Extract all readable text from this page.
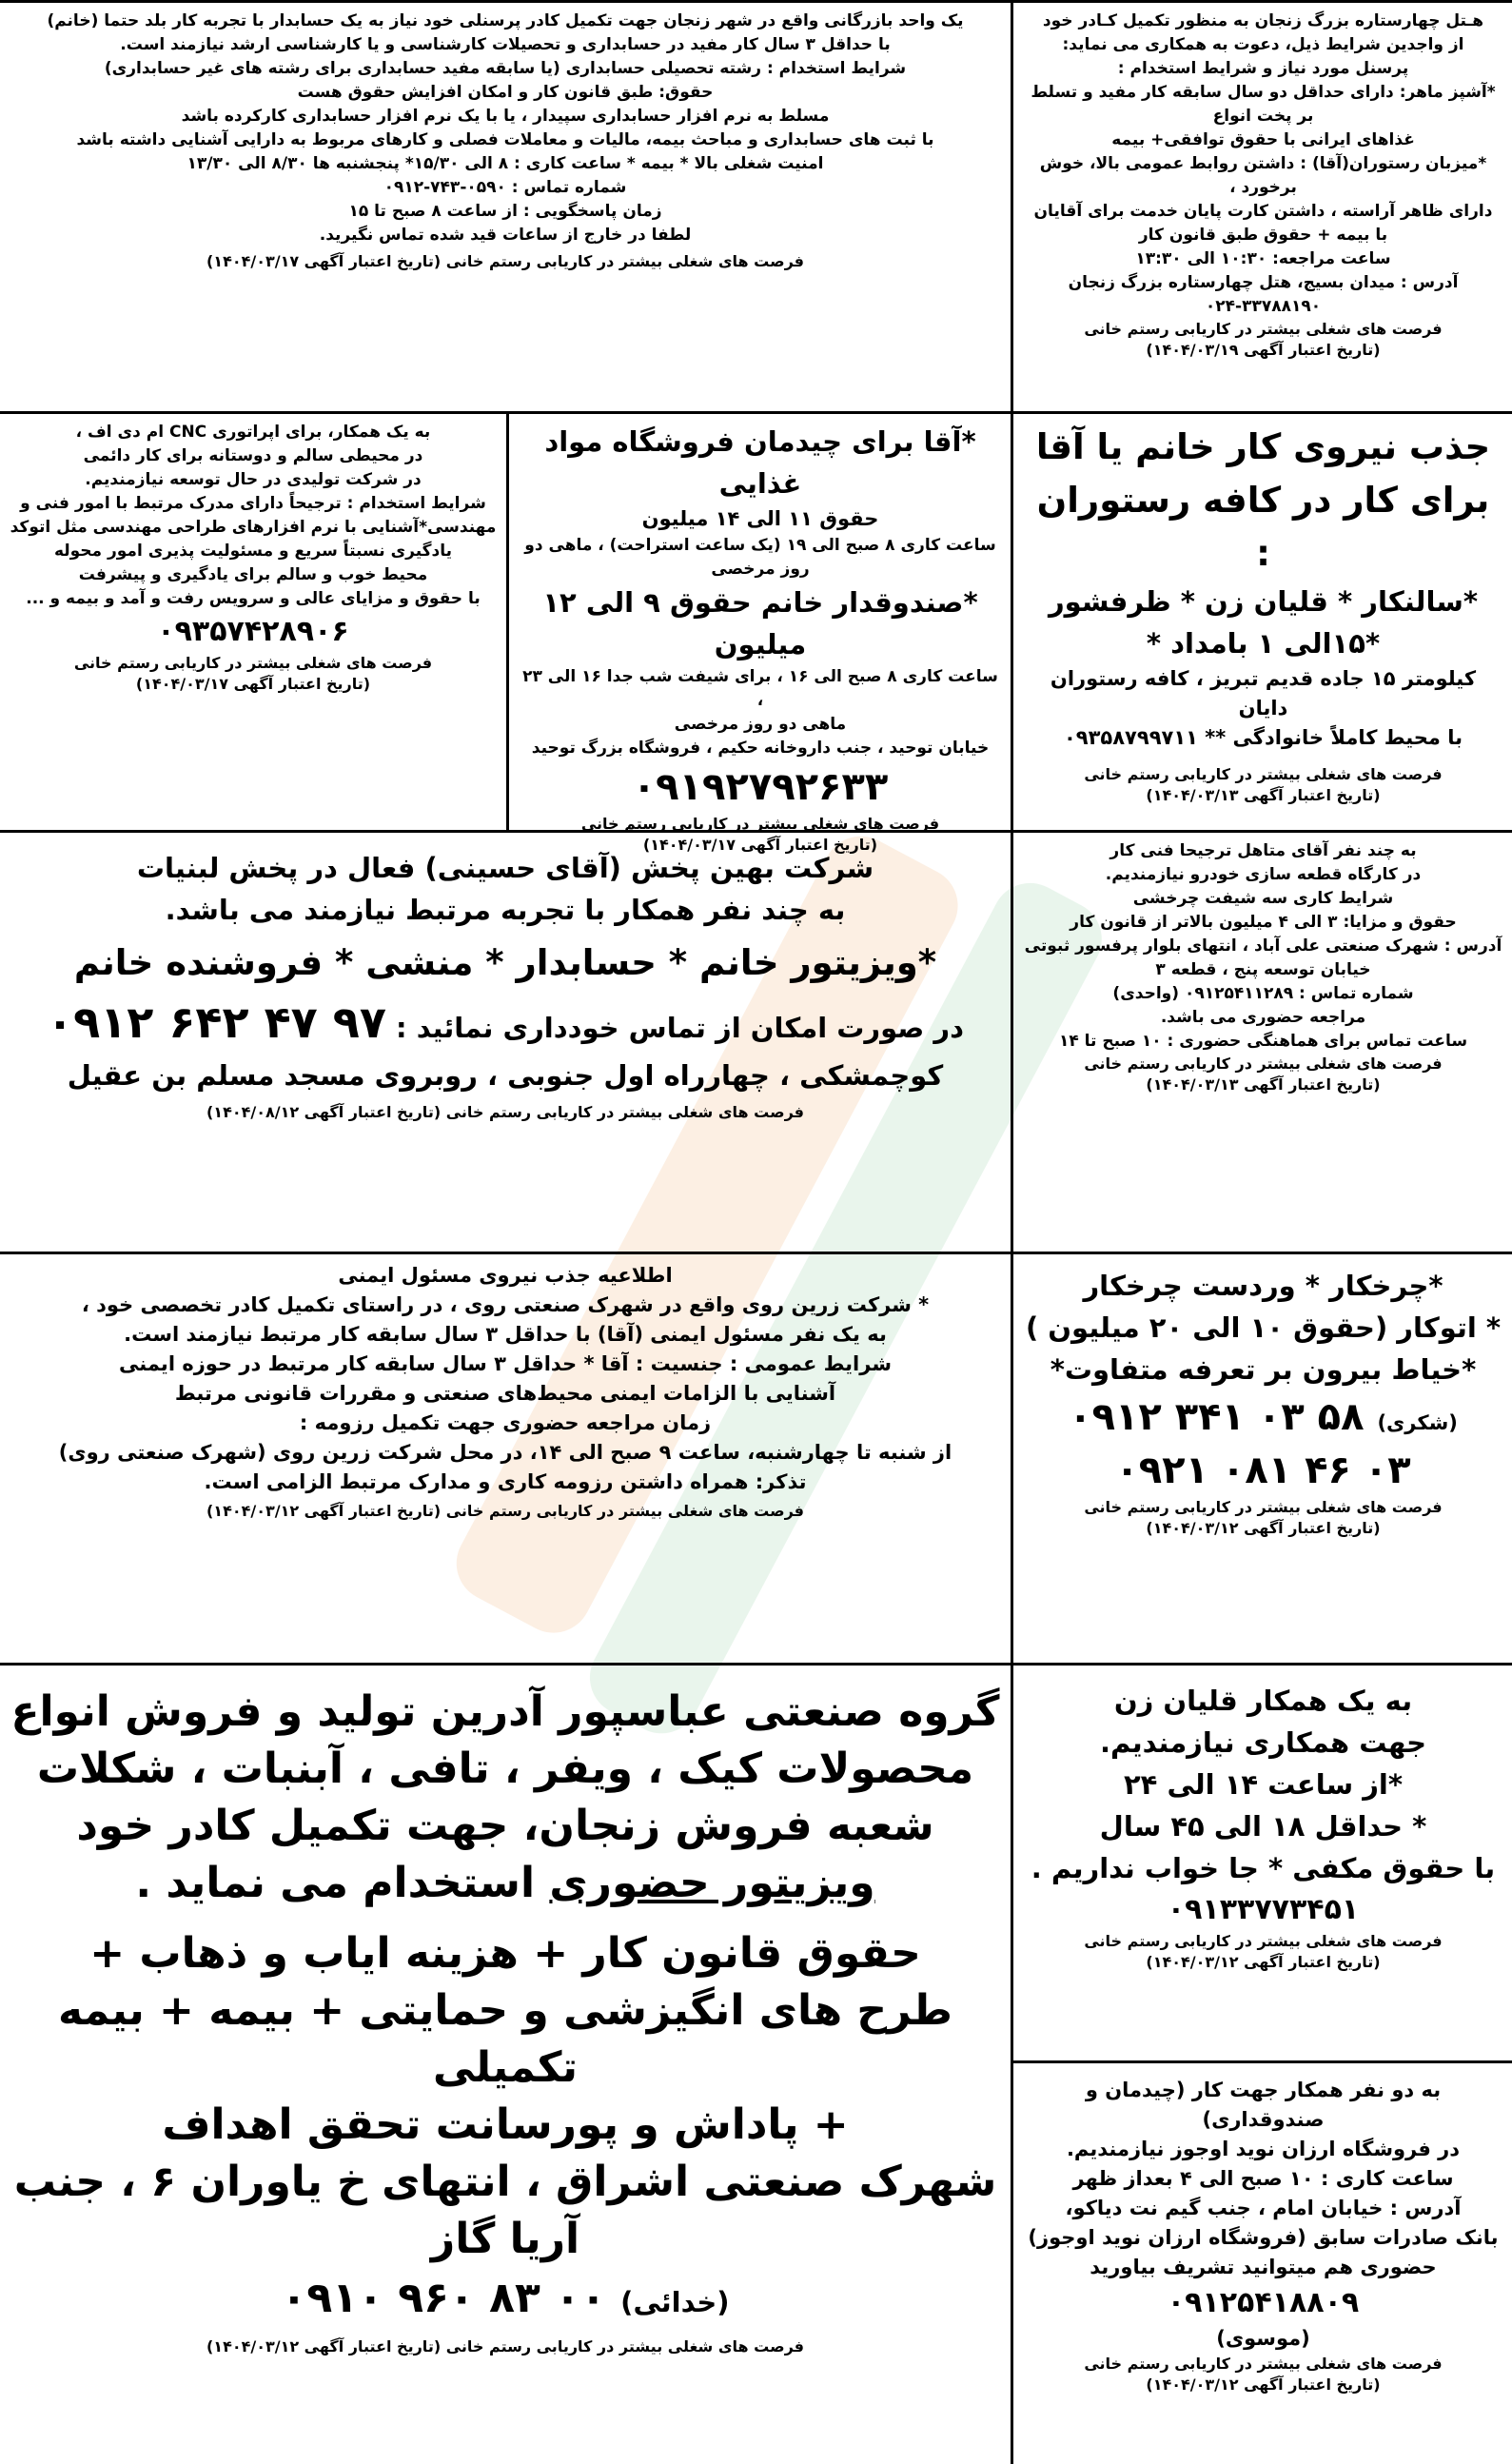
هـتل چهارستاره بزرگ زنجان به منظور تکمیل کـادر خود

از واجدین شرایط ذیل، دعوت به همکاری می نماید:

پرسنل مورد نیاز و شرایط استخدام :

*آشپز ماهر: دارای حداقل دو سال سابقه کار مفید و تسلط بر پخت انواع

غذاهای ایرانی با حقوق توافقی+ بیمه

*میزبان رستوران(آقا) : داشتن روابط عمومی بالا، خوش برخورد ،

دارای ظاهر آراسته ، داشتن کارت پایان خدمت برای آقایان

با بیمه + حقوق طبق قانون کار

ساعت مراجعه: ۱۰:۳۰ الی ۱۳:۳۰

آدرس : میدان بسیج، هتل چهارستاره بزرگ زنجان

۰۲۴-۳۳۷۸۸۱۹۰

فرصت های شغلی بیشتر در کاریابی رستم خانی

(تاریخ اعتبار آگهی ۱۴۰۴/۰۳/۱۹)

یک واحد بازرگانی واقع در شهر زنجان جهت تکمیل کادر پرسنلی خود نیاز به یک حسابدار با تجربه کار بلد حتما (خانم)

با حداقل ۳ سال کار مفید در حسابداری و تحصیلات کارشناسی و یا کارشناسی ارشد نیازمند است.

شرایط استخدام : رشته تحصیلی حسابداری (یا سابقه مفید حسابداری برای رشته های غیر حسابداری)

حقوق: طبق قانون کار و امکان افزایش حقوق هست

مسلط به نرم افزار حسابداری سپیدار ، یا با یک نرم افزار حسابداری کارکرده باشد

با ثبت های حسابداری و مباحث بیمه، مالیات و معاملات فصلی و کارهای مربوط به دارایی آشنایی داشته باشد

امنیت شغلی بالا * بیمه * ساعت کاری : ۸ الی ۱۵/۳۰* پنجشنبه ها ۸/۳۰ الی ۱۳/۳۰

شماره تماس : ۰۵۹۰-۷۴۳-۰۹۱۲

زمان پاسخگویی : از ساعت ۸ صبح تا ۱۵

لطفا در خارج از ساعات قید شده تماس نگیرید.

فرصت های شغلی بیشتر در کاریابی رستم خانی (تاریخ اعتبار آگهی ۱۴۰۴/۰۳/۱۷)

جذب نیروی کار خانم یا آقا

برای کار در کافه رستوران :

*سالنکار * قلیان زن * ظرفشور

*۱۵الی ۱ بامداد *

کیلومتر ۱۵ جاده قدیم تبریز ، کافه رستوران دایان

با محیط کاملاً خانوادگی ** ۰۹۳۵۸۷۹۹۷۱۱

فرصت های شغلی بیشتر در کاریابی رستم خانی

(تاریخ اعتبار آگهی ۱۴۰۴/۰۳/۱۳)

*آقا برای چیدمان فروشگاه مواد غذایی

حقوق ۱۱ الی ۱۴ میلیون

ساعت کاری ۸ صبح الی ۱۹ (یک ساعت استراحت) ، ماهی دو روز مرخصی

*صندوقدار خانم حقوق ۹ الی ۱۲ میلیون

ساعت کاری ۸ صبح الی ۱۶ ، برای شیفت شب جدا ۱۶ الی ۲۳ ،

ماهی دو روز مرخصی

خیابان توحید ، جنب داروخانه حکیم ، فروشگاه بزرگ توحید

۰۹۱۹۲۷۹۲۶۳۳

فرصت های شغلی بیشتر در کاریابی رستم خانی

(تاریخ اعتبار آگهی ۱۴۰۴/۰۳/۱۷)

به یک همکار، برای اپراتوری CNC ام دی اف ،

در محیطی سالم و دوستانه برای کار دائمی

در شرکت تولیدی در حال توسعه نیازمندیم.

شرایط استخدام : ترجیحاً دارای مدرک مرتبط با امور فنی و

مهندسی*آشنایی با نرم افزارهای طراحی مهندسی مثل اتوکد

یادگیری نسبتاً سریع و مسئولیت پذیری امور محوله

محیط خوب و سالم برای یادگیری و پیشرفت

با حقوق و مزایای عالی و سرویس رفت و آمد و بیمه و ...

۰۹۳۵۷۴۲۸۹۰۶

فرصت های شغلی بیشتر در کاریابی رستم خانی

(تاریخ اعتبار آگهی ۱۴۰۴/۰۳/۱۷)

به چند نفر آقای متاهل ترجیحا فنی کار

در کارگاه قطعه سازی خودرو نیازمندیم.

شرایط کاری سه شیفت چرخشی

حقوق و مزایا: ۳ الی ۴ میلیون بالاتر از قانون کار

آدرس : شهرک صنعتی علی آباد ، انتهای بلوار پرفسور ثبوتی

خیابان توسعه پنج ، قطعه ۳

شماره تماس : ۰۹۱۲۵۴۱۱۲۸۹ (واحدی)

مراجعه حضوری می باشد.

ساعت تماس برای هماهنگی حضوری : ۱۰ صبح تا ۱۴

فرصت های شغلی بیشتر در کاریابی رستم خانی

(تاریخ اعتبار آگهی ۱۴۰۴/۰۳/۱۳)

شرکت بهین پخش (آقای حسینی) فعال در پخش لبنیات

به چند نفر همکار با تجربه مرتبط نیازمند می باشد.

*ویزیتور خانم * حسابدار * منشی * فروشنده خانم

در صورت امکان از تماس خودداری نمائید : ۰۹۱۲ ۶۴۲ ۴۷ ۹۷

کوچمشکی ، چهارراه اول جنوبی ، روبروی مسجد مسلم بن عقیل

فرصت های شغلی بیشتر در کاریابی رستم خانی (تاریخ اعتبار آگهی ۱۴۰۴/۰۸/۱۲)

*چرخکار * وردست چرخکار

* اتوکار (حقوق ۱۰ الی ۲۰ میلیون )

*خیاط بیرون بر تعرفه متفاوت*

۰۹۱۲ ۳۴۱ ۰۳ ۵۸ (شکری)

۰۹۲۱ ۰۸۱ ۴۶ ۰۳

فرصت های شغلی بیشتر در کاریابی رستم خانی

(تاریخ اعتبار آگهی ۱۴۰۴/۰۳/۱۲)

اطلاعیه جذب نیروی مسئول ایمنی

* شرکت زرین روی واقع در شهرک صنعتی روی ، در راستای تکمیل کادر تخصصی خود ،

به یک نفر مسئول ایمنی (آقا) با حداقل ۳ سال سابقه کار مرتبط نیازمند است.

شرایط عمومی : جنسیت : آقا * حداقل ۳ سال سابقه کار مرتبط در حوزه ایمنی

آشنایی با الزامات ایمنی محیط‌های صنعتی و مقررات قانونی مرتبط

زمان مراجعه حضوری جهت تکمیل رزومه :

از شنبه تا چهارشنبه، ساعت ۹ صبح الی ۱۴، در محل شرکت زرین روی (شهرک صنعتی روی)

تذکر: همراه داشتن رزومه کاری و مدارک مرتبط الزامی است.

فرصت های شغلی بیشتر در کاریابی رستم خانی (تاریخ اعتبار آگهی ۱۴۰۴/۰۳/۱۲)

به یک همکار قلیان زن

جهت همکاری نیازمندیم.

*از ساعت ۱۴ الی ۲۴

* حداقل ۱۸ الی ۴۵ سال

با حقوق مکفی * جا خواب نداریم .

۰۹۱۳۳۷۷۳۴۵۱

فرصت های شغلی بیشتر در کاریابی رستم خانی

(تاریخ اعتبار آگهی ۱۴۰۴/۰۳/۱۲)

به دو نفر همکار جهت کار (چیدمان و صندوقداری)

در فروشگاه ارزان نوید اوجوز نیازمندیم.

ساعت کاری : ۱۰ صبح الی ۴ بعداز ظهر

آدرس : خیابان امام ، جنب گیم نت دیاکو،

بانک صادرات سابق (فروشگاه ارزان نوید اوجوز)

حضوری هم میتوانید تشریف بیاورید

۰۹۱۲۵۴۱۸۸۰۹

(موسوی)

فرصت های شغلی بیشتر در کاریابی رستم خانی

(تاریخ اعتبار آگهی ۱۴۰۴/۰۳/۱۲)

گروه صنعتی عباسپور آدرین تولید و فروش انواع

محصولات کیک ، ویفر ، تافی ، آبنبات ، شکلات

شعبه فروش زنجان، جهت تکمیل کادر خود

ویزیتور حضوری استخدام می نماید .

حقوق قانون کار + هزینه ایاب و ذهاب +

طرح های انگیزشی و حمایتی + بیمه + بیمه تکمیلی

+ پاداش و پورسانت تحقق اهداف

شهرک صنعتی اشراق ، انتهای خ یاوران ۶ ، جنب آریا گاز

۰۹۱۰ ۹۶۰ ۸۳ ۰۰ (خدائی)

فرصت های شغلی بیشتر در کاریابی رستم خانی (تاریخ اعتبار آگهی ۱۴۰۴/۰۳/۱۲)
